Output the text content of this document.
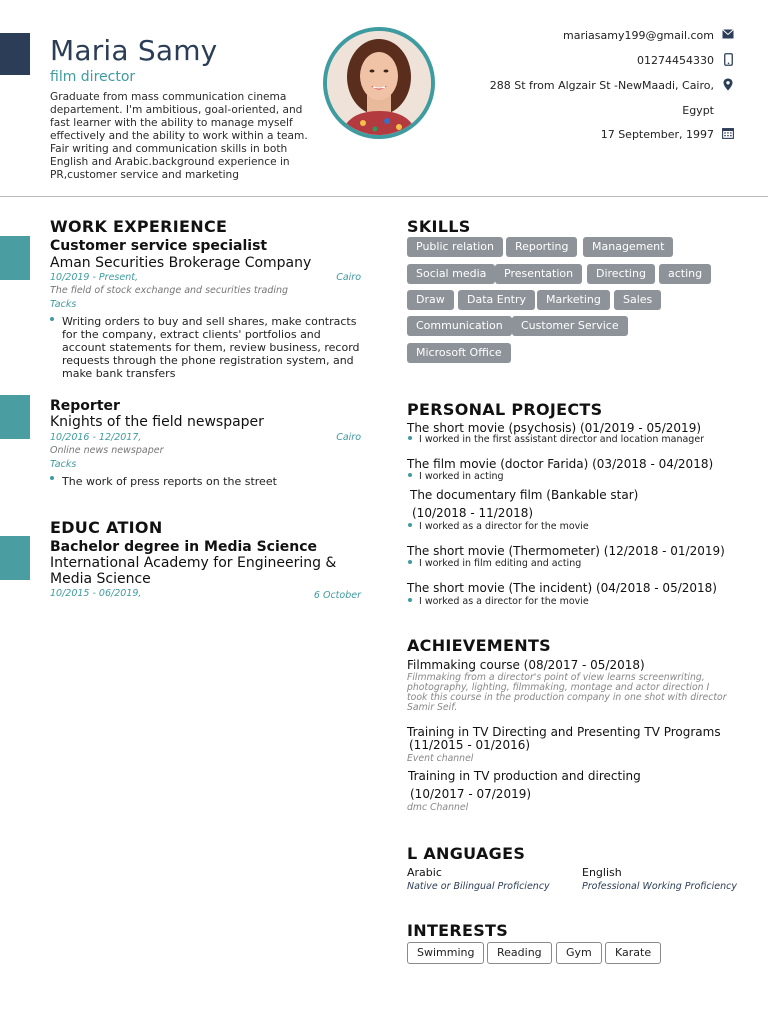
Maria Samy
film director
Graduate from mass communication cinema departement. I'm ambitious, goal-oriented, and fast learner with the ability to manage myself effectively and the ability to work within a team. Fair writing and communication skills in both English and Arabic.background experience in PR,customer service and marketing
mariasamy199@gmail.com
01274454330
288 St from Algzair St -NewMaadi, Cairo,
Egypt
17 September, 1997
WORK EXPERIENCE
Customer service specialist
Aman Securities Brokerage Company
10/2019 - Present,	Cairo
The field of stock exchange and securities trading
Tacks
Writing orders to buy and sell shares, make contracts for the company, extract clients' portfolios and account statements for them, review business, record requests through the phone registration system, and make bank transfers
Reporter
Knights of the field newspaper
10/2016 - 12/2017,	Cairo
Online news newspaper
Tacks
The work of press reports on the street
EDUC ATION
Bachelor degree in Media Science
International Academy for Engineering & Media Science
10/2015 - 06/2019,	6 October
SKILLS
Public relation	Reporting	Management
Social media	Presentation	Directing	acting
Draw	Data Entry	Marketing	Sales
Communication	Customer Service
Microsoft Office
PERSONAL PROJECTS
The short movie (psychosis) (01/2019 - 05/2019)
I worked in the first assistant director and location manager
The film movie (doctor Farida) (03/2018 - 04/2018)
I worked in acting
The documentary film (Bankable star)
(10/2018 - 11/2018)
I worked as a director for the movie
The short movie (Thermometer) (12/2018 - 01/2019)
I worked in film editing and acting
The short movie (The incident) (04/2018 - 05/2018)
I worked as a director for the movie
ACHIEVEMENTS
Filmmaking course (08/2017 - 05/2018)
Filmmaking from a director's point of view learns screenwriting, photography, lighting, filmmaking, montage and actor direction I took this course in the production company in one shot with director Samir Seif.
Training in TV Directing and Presenting TV Programs
(11/2015 - 01/2016)
Event channel
Training in TV production and directing
(10/2017 - 07/2019)
dmc Channel
L ANGUAGES
Arabic
Native or Bilingual Proficiency
English
Professional Working Proficiency
INTERESTS
Swimming	Reading	Gym	Karate
